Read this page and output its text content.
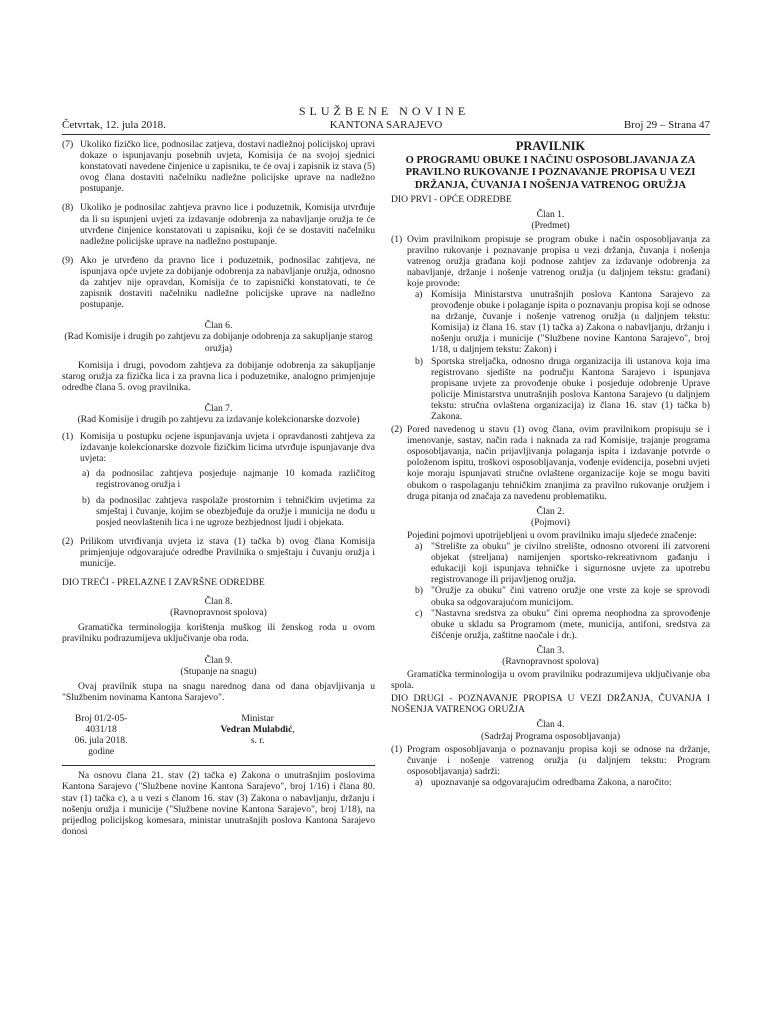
SLUŽBENE NOVINE
Četvrtak, 12. jula 2018.	KANTONA SARAJEVO	Broj 29 – Strana 47
(7) Ukoliko fizičko lice, podnosilac zatjeva, dostavi nadležnoj policijskoj upravi dokaze o ispunjavanju posebnih uvjeta, Komisija će na svojoj sjednici konstatovati navedene činjenice u zapisniku, te će ovaj i zapisnik iz stava (5) ovog člana dostaviti načelniku nadležne policijske uprave na nadležno postupanje.

(8) Ukoliko je podnosilac zahtjeva pravno lice i poduzetnik, Komisija utvrđuje da li su ispunjeni uvjeti za izdavanje odobrenja za nabavljanje oružja te će utvrđene činjenice konstatovati u zapisniku, koji će se dostaviti načelniku nadležne policijske uprave na nadležno postupanje.

(9) Ako je utvrđeno da pravno lice i poduzetnik, podnosilac zahtjeva, ne ispunjava opće uvjete za dobijanje odobrenja za nabavljanje oružja, odnosno da zahtjev nije opravdan, Komisija će to zapisnički konstatovati, te će zapisnik dostaviti načelniku nadležne policijske uprave na nadležno postupanje.

Član 6.

(Rad Komisije i drugih po zahtjevu za dobijanje odobrenja za sakupljanje starog oružja)

Komisija i drugi, povodom zahtjeva za dobijanje odobrenja za sakupljanje starog oružja za fizička lica i za pravna lica i poduzetnike, analogno primjenjuje odredbe člana 5. ovog pravilnika.

Član 7.

(Rad Komisije i drugih po zahtjevu za izdavanje kolekcionarske dozvole)

(1) Komisija u postupku ocjene ispunjavanja uvjeta i opravdanosti zahtjeva za izdavanje kolekcionarske dozvole fizičkim licima utvrđuje ispunjavanje dva uvjeta:

a) da podnosilac zahtjeva posjeduje najmanje 10 komada različitog registrovanog oružja i

b) da podnosilac zahtjeva raspolaže prostornim i tehničkim uvjetima za smještaj i čuvanje, kojim se obezbjeđuje da oružje i municija ne dođu u posjed neovlaštenih lica i ne ugroze bezbjednost ljudi i objekata.

(2) Prilikom utvrđivanja uvjeta iz stava (1) tačka b) ovog člana Komisija primjenjuje odgovarajuće odredbe Pravilnika o smještaju i čuvanju oružja i municije.

DIO TREĆI - PRELAZNE I ZAVRŠNE ODREDBE

Član 8.

(Ravnopravnost spolova)

Gramatička terminologija korištenja muškog ili ženskog roda u ovom pravilniku podrazumijeva uključivanje oba roda.

Član 9.

(Stupanje na snagu)

Ovaj pravilnik stupa na snagu narednog dana od dana objavljivanja u "Službenim novinama Kantona Sarajevo".

Broj 01/2-05-4031/18
06. jula 2018. godine
Ministar
Vedran Mulabdić, s. r.

Na osnovu člana 21. stav (2) tačka e) Zakona o unutrašnjim poslovima Kantona Sarajevo ("Službene novine Kantona Sarajevo", broj 1/16) i člana 80. stav (1) tačka c), a u vezi s članom 16. stav (3) Zakona o nabavljanju, držanju i nošenju oružja i municije ("Službene novine Kantona Sarajevo", broj 1/18), na prijedlog policijskog komesara, ministar unutrašnjih poslova Kantona Sarajevo donosi

PRAVILNIK
O PROGRAMU OBUKE I NAČINU OSPOSOBLJAVANJA ZA PRAVILNO RUKOVANJE I POZNAVANJE PROPISA U VEZI DRŽANJA, ČUVANJA I NOŠENJA VATRENOG ORUŽJA

DIO PRVI - OPĆE ODREDBE

Član 1.

(Predmet)

(1) Ovim pravilnikom propisuje se program obuke i način osposobljavanja za pravilno rukovanje i poznavanje propisa u vezi držanja, čuvanja i nošenja vatrenog oružja građana koji podnose zahtjev za izdavanje odobrenja za nabavljanje, držanje i nošenje vatrenog oružja (u daljnjem tekstu: građani) koje provode:

a) Komisija Ministarstva unutrašnjih poslova Kantona Sarajevo za provođenje obuke i polaganje ispita o poznavanju propisa koji se odnose na držanje, čuvanje i nošenje vatrenog oružja (u daljnjem tekstu: Komisija) iz člana 16. stav (1) tačka a) Zakona o nabavljanju, držanju i nošenju oružja i municije ("Službene novine Kantona Sarajevo", broj 1/18, u daljnjem tekstu: Zakon) i

b) Sportska streljačka, odnosno druga organizacija ili ustanova koja ima registrovano sjedište na području Kantona Sarajevo i ispunjava propisane uvjete za provođenje obuke i posjeduje odobrenje Uprave policije Ministarstva unutrašnjih poslova Kantona Sarajevo (u daljnjem tekstu: stručna ovlaštena organizacija) iz člana 16. stav (1) tačka b) Zakona.

(2) Pored navedenog u stavu (1) ovog člana, ovim pravilnikom propisuju se i imenovanje, sastav, način rada i naknada za rad Komisije, trajanje programa osposobljavanja, način prijavljivanja polaganja ispita i izdavanje potvrde o položenom ispitu, troškovi osposobljavanja, vođenje evidencija, posebni uvjeti koje moraju ispunjavati stručne ovlaštene organizacije koje se mogu baviti obukom o raspolaganju tehničkim znanjima za pravilno rukovanje oružjem i druga pitanja od značaja za navedenu problematiku.

Član 2.

(Pojmovi)

Pojedini pojmovi upotrijebljeni u ovom pravilniku imaju sljedeće značenje:

a) "Strelište za obuku" je civilno strelište, odnosno otvoreni ili zatvoreni objekat (streljana) namijenjen sportsko-rekreativnom gađanju i edukaciji koji ispunjava tehničke i sigurnosne uvjete za upotrebu registrovanoge ili prijavljenog oružja.

b) "Oružje za obuku" čini vatreno oružje one vrste za koje se sprovodi obuka sa odgovarajućom municijom.

c) "Nastavna sredstva za obuku" čini oprema neophodna za sprovođenje obuke u skladu sa Programom (mete, municija, antifoni, sredstva za čišćenje oružja, zaštitne naočale i dr.).

Član 3.

(Ravnopravnost spolova)

Gramatička terminologija u ovom pravilniku podrazumijeva uključivanje oba spola.

DIO DRUGI - POZNAVANJE PROPISA U VEZI DRŽANJA, ČUVANJA I NOŠENJA VATRENOG ORUŽJA

Član 4.

(Sadržaj Programa osposobljavanja)

(1) Program osposobljavanja o poznavanju propisa koji se odnose na držanje, čuvanje i nošenje vatrenog oružja (u daljnjem tekstu: Program osposobljavanja) sadrži:

a) upoznavanje sa odgovarajućim odredbama Zakona, a naročito:
